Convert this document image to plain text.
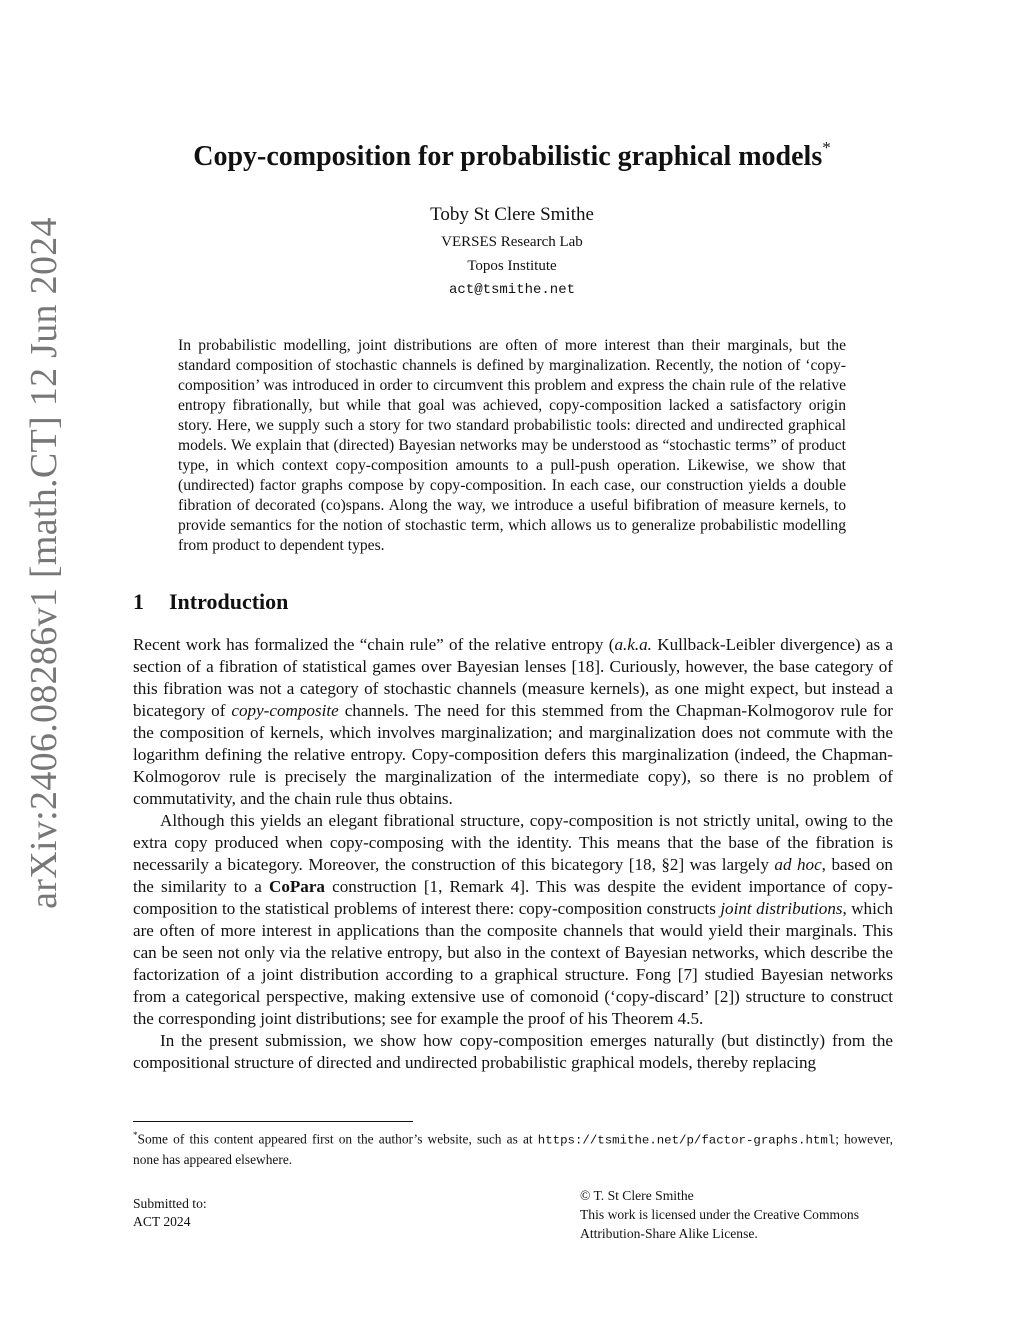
arXiv:2406.08286v1 [math.CT] 12 Jun 2024
Copy-composition for probabilistic graphical models*
Toby St Clere Smithe
VERSES Research Lab
Topos Institute
act@tsmithe.net

In probabilistic modelling, joint distributions are often of more interest than their marginals, but the standard composition of stochastic channels is defined by marginalization. Recently, the notion of ‘copy-composition’ was introduced in order to circumvent this problem and express the chain rule of the relative entropy fibrationally, but while that goal was achieved, copy-composition lacked a satisfactory origin story. Here, we supply such a story for two standard probabilistic tools: directed and undirected graphical models. We explain that (directed) Bayesian networks may be understood as “stochastic terms” of product type, in which context copy-composition amounts to a pull-push operation. Likewise, we show that (undirected) factor graphs compose by copy-composition. In each case, our construction yields a double fibration of decorated (co)spans. Along the way, we introduce a useful bifibration of measure kernels, to provide semantics for the notion of stochastic term, which allows us to generalize probabilistic modelling from product to dependent types.

1 Introduction

Recent work has formalized the “chain rule” of the relative entropy (a.k.a. Kullback-Leibler divergence) as a section of a fibration of statistical games over Bayesian lenses [18]. Curiously, however, the base category of this fibration was not a category of stochastic channels (measure kernels), as one might expect, but instead a bicategory of copy-composite channels. The need for this stemmed from the Chapman-Kolmogorov rule for the composition of kernels, which involves marginalization; and marginalization does not commute with the logarithm defining the relative entropy. Copy-composition defers this marginalization (indeed, the Chapman-Kolmogorov rule is precisely the marginalization of the intermediate copy), so there is no problem of commutativity, and the chain rule thus obtains.

Although this yields an elegant fibrational structure, copy-composition is not strictly unital, owing to the extra copy produced when copy-composing with the identity. This means that the base of the fibration is necessarily a bicategory. Moreover, the construction of this bicategory [18, §2] was largely ad hoc, based on the similarity to a CoPara construction [1, Remark 4]. This was despite the evident importance of copy-composition to the statistical problems of interest there: copy-composition constructs joint distributions, which are often of more interest in applications than the composite channels that would yield their marginals. This can be seen not only via the relative entropy, but also in the context of Bayesian networks, which describe the factorization of a joint distribution according to a graphical structure. Fong [7] studied Bayesian networks from a categorical perspective, making extensive use of comonoid (‘copy-discard’ [2]) structure to construct the corresponding joint distributions; see for example the proof of his Theorem 4.5.

In the present submission, we show how copy-composition emerges naturally (but distinctly) from the compositional structure of directed and undirected probabilistic graphical models, thereby replacing

*Some of this content appeared first on the author’s website, such as at https://tsmithe.net/p/factor-graphs.html; however, none has appeared elsewhere.

Submitted to:
ACT 2024
© T. St Clere Smithe
This work is licensed under the Creative Commons
Attribution-Share Alike License.
